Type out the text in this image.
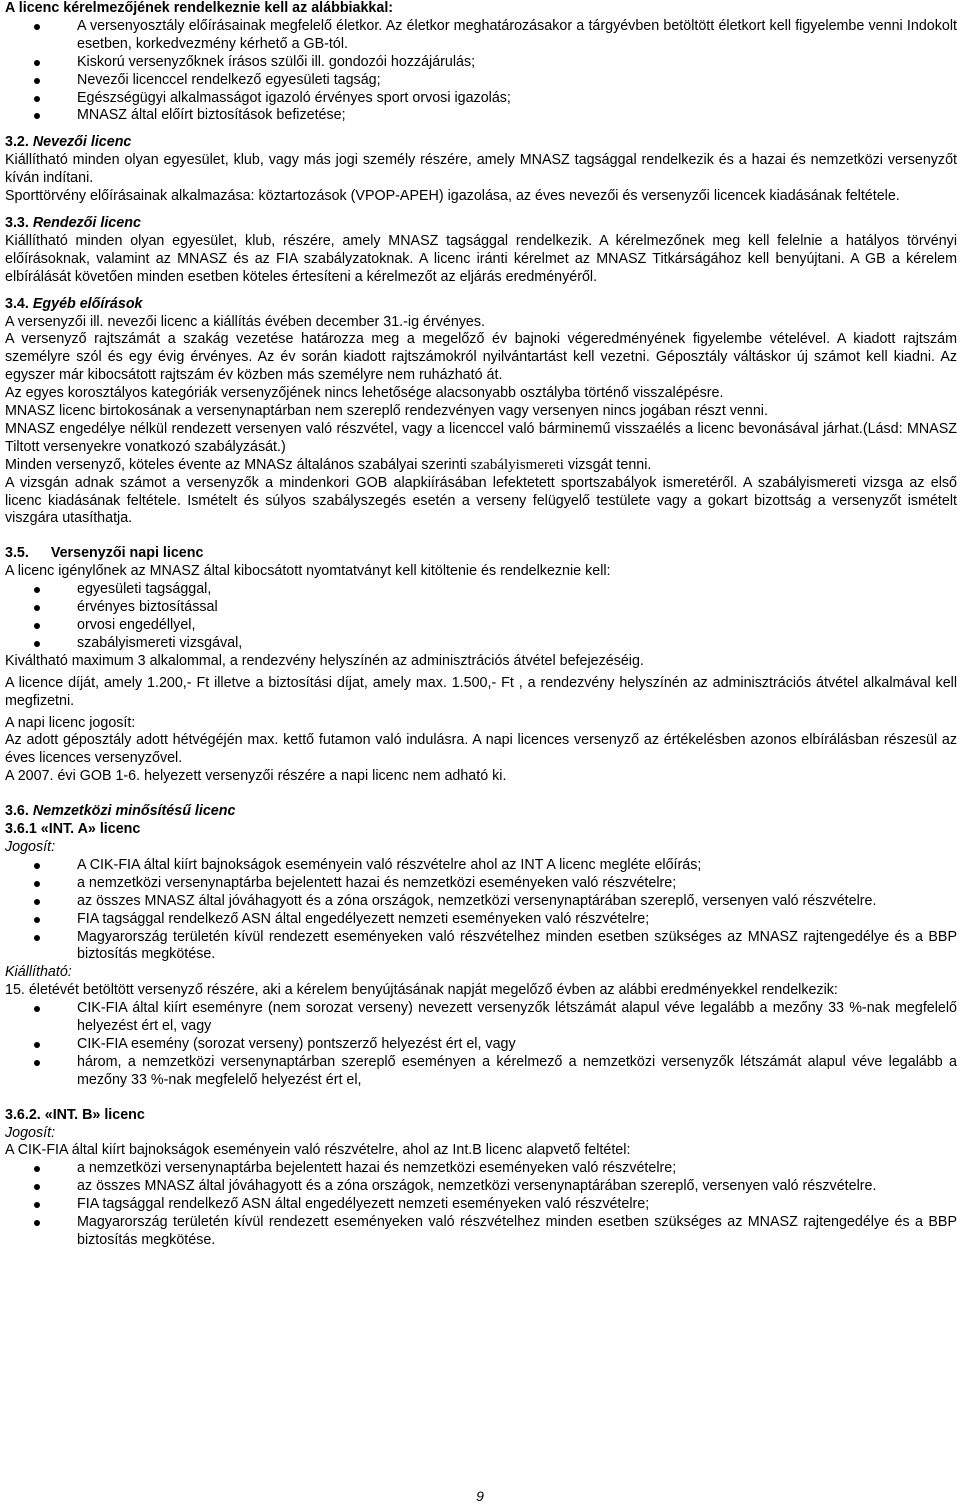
A licenc kérelmezőjének rendelkeznie kell az alábbiakkal:

A versenyosztály előírásainak megfelelő életkor. Az életkor meghatározásakor a tárgyévben betöltött életkort kell figyelembe venni Indokolt esetben, korkedvezmény kérhető a GB-tól.
Kiskorú versenyzőknek írásos szülői ill. gondozói hozzájárulás;
Nevezői licenccel rendelkező egyesületi tagság;
Egészségügyi alkalmasságot igazoló érvényes sport orvosi igazolás;
MNASZ által előírt biztosítások befizetése;

3.2. Nevezői licenc

Kiállítható minden olyan egyesület, klub, vagy más jogi személy részére, amely MNASZ tagsággal rendelkezik és a hazai és nemzetközi versenyzőt kíván indítani.

Sporttörvény előírásainak alkalmazása: köztartozások (VPOP-APEH) igazolása, az éves nevezői és versenyzői licencek kiadásának feltétele.

3.3. Rendezői licenc

Kiállítható minden olyan egyesület, klub, részére, amely MNASZ tagsággal rendelkezik. A kérelmezőnek meg kell felelnie a hatályos törvényi előírásoknak, valamint az MNASZ és az FIA szabályzatoknak. A licenc iránti kérelmet az MNASZ Titkárságához kell benyújtani. A GB a kérelem elbírálását követően minden esetben köteles értesíteni a kérelmezőt az eljárás eredményéről.

3.4. Egyéb előírások

A versenyzői ill. nevezői licenc a kiállítás évében december 31.-ig érvényes.

A versenyző rajtszámát a szakág vezetése határozza meg a megelőző év bajnoki végeredményének figyelembe vételével. A kiadott rajtszám személyre szól és egy évig érvényes. Az év során kiadott rajtszámokról nyilvántartást kell vezetni. Géposztály váltáskor új számot kell kiadni. Az egyszer már kibocsátott rajtszám év közben más személyre nem ruházható át.

Az egyes korosztályos kategóriák versenyzőjének nincs lehetősége alacsonyabb osztályba történő visszalépésre.

MNASZ licenc birtokosának a versenynaptárban nem szereplő rendezvényen vagy versenyen nincs jogában részt venni.

MNASZ engedélye nélkül rendezett versenyen való részvétel, vagy a licenccel való bárminemű visszaélés a licenc bevonásával járhat.(Lásd: MNASZ Tiltott versenyekre vonatkozó szabályzását.)

Minden versenyző, köteles évente az MNASz általános szabályai szerinti szabályismereti vizsgát tenni.

A vizsgán adnak számot a versenyzők a mindenkori GOB alapkiírásában lefektetett sportszabályok ismeretéről. A szabályismereti vizsga az első licenc kiadásának feltétele. Ismételt és súlyos szabályszegés esetén a verseny felügyelő testülete vagy a gokart bizottság a versenyzőt ismételt viszgára utasíthatja.

3.5. Versenyzői napi licenc

A licenc igénylőnek az MNASZ által kibocsátott nyomtatványt kell kitöltenie és rendelkeznie kell:

egyesületi tagsággal,
érvényes biztosítással
orvosi engedéllyel,
szabályismereti vizsgával,

Kiváltható maximum 3 alkalommal, a rendezvény helyszínén az adminisztrációs átvétel befejezéséig.

A licence díját, amely 1.200,- Ft illetve a biztosítási díjat, amely max. 1.500,- Ft , a rendezvény helyszínén az adminisztrációs átvétel alkalmával kell megfizetni.

A napi licenc jogosít:

Az adott géposztály adott hétvégéjén max. kettő futamon való indulásra. A napi licences versenyző az értékelésben azonos elbírálásban részesül az éves licences versenyzővel.

A 2007. évi GOB 1-6. helyezett versenyzői részére a napi licenc nem adható ki.

3.6. Nemzetközi minősítésű licenc

3.6.1 «INT. A» licenc

Jogosít:

A CIK-FIA által kiírt bajnokságok eseményein való részvételre ahol az INT A licenc megléte előírás;
a nemzetközi versenynaptárba bejelentett hazai és nemzetközi eseményeken való részvételre;
az összes MNASZ által jóváhagyott és a zóna országok, nemzetközi versenynaptárában szereplő, versenyen való részvételre.
FIA tagsággal rendelkező ASN által engedélyezett nemzeti eseményeken való részvételre;
Magyarország területén kívül rendezett eseményeken való részvételhez minden esetben szükséges az MNASZ rajtengedélye és a BBP biztosítás megkötése.

Kiállítható:

15. életévét betöltött versenyző részére, aki a kérelem benyújtásának napját megelőző évben az alábbi eredményekkel rendelkezik:

CIK-FIA által kiírt eseményre (nem sorozat verseny) nevezett versenyzők létszámát alapul véve legalább a mezőny 33 %-nak megfelelő helyezést ért el, vagy
CIK-FIA esemény (sorozat verseny) pontszerző helyezést ért el, vagy
három, a nemzetközi versenynaptárban szereplő eseményen a kérelmező a nemzetközi versenyzők létszámát alapul véve legalább a mezőny 33 %-nak megfelelő helyezést ért el,

3.6.2. «INT. B» licenc

Jogosít:

A CIK-FIA által kiírt bajnokságok eseményein való részvételre, ahol az Int.B licenc alapvető feltétel:

a nemzetközi versenynaptárba bejelentett hazai és nemzetközi eseményeken való részvételre;
az összes MNASZ által jóváhagyott és a zóna országok, nemzetközi versenynaptárában szereplő, versenyen való részvételre.
FIA tagsággal rendelkező ASN által engedélyezett nemzeti eseményeken való részvételre;
Magyarország területén kívül rendezett eseményeken való részvételhez minden esetben szükséges az MNASZ rajtengedélye és a BBP biztosítás megkötése.
9
